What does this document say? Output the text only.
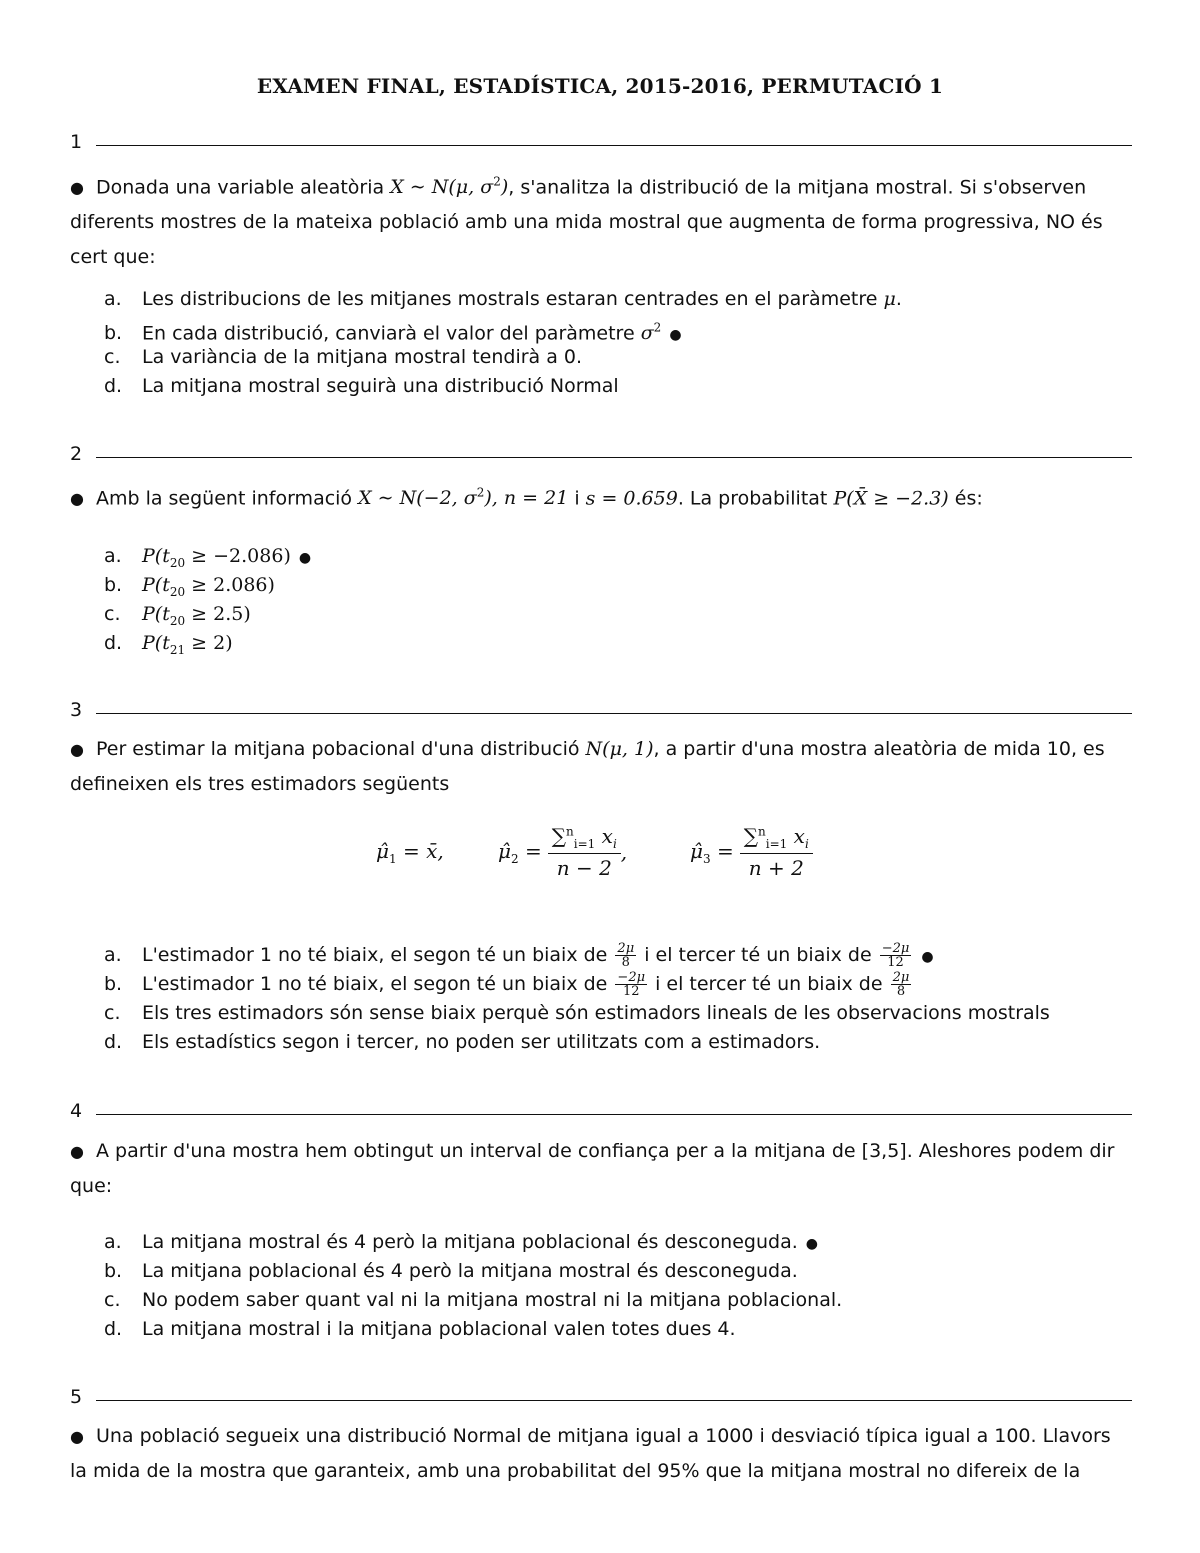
EXAMEN FINAL, ESTADÍSTICA, 2015-2016, PERMUTACIÓ 1
1
● Donada una variable aleatòria X ∼ N(μ, $\sigma^2$), s'analitza la distribució de la mitjana mostral. Si s'observen diferents mostres de la mateixa població amb una mida mostral que augmenta de forma progressiva, NO és cert que:
a. Les distribucions de les mitjanes mostrals estaran centrades en el paràmetre μ.
b. En cada distribució, canviarà el valor del paràmetre $\sigma^2$ ●
c. La variància de la mitjana mostral tendirà a 0.
d. La mitjana mostral seguirà una distribució Normal
2
● Amb la següent informació X ∼ N(−2, $\sigma^2$), n = 21 i s = 0.659. La probabilitat P(X̄ ≥ −2.3) és:
a. $P(t_{20} \ge -2.086)$ ●
b. $P(t_{20} \ge 2.086)$
c. $P(t_{20} \ge 2.5)$
d. $P(t_{21} \ge 2)$
3
● Per estimar la mitjana pobacional d'una distribució N(μ, 1), a partir d'una mostra aleatòria de mida 10, es defineixen els tres estimadors següents
$\mû_1$ = x̄,	$\mû_2 = \frac{\sum^n_{i=1} x_i}{n - 2}$ ,	$\mû_3 = \frac{\sum^n_{i=1} x_i}{n + 2}$
a. L'estimador 1 no té biaix, el segon té un biaix de $\frac{2\mu}{8}$ i el tercer té un biaix de $\frac{-2\mu}{12}$ ●
b. L'estimador 1 no té biaix, el segon té un biaix de $\frac{-2\mu}{12}$ i el tercer té un biaix de $\frac{2\mu}{8}$
c. Els tres estimadors són sense biaix perquè són estimadors lineals de les observacions mostrals
d. Els estadístics segon i tercer, no poden ser utilitzats com a estimadors.
4
● A partir d'una mostra hem obtingut un interval de confiança per a la mitjana de [3,5]. Aleshores podem dir que:
a. La mitjana mostral és 4 però la mitjana poblacional és desconeguda. ●
b. La mitjana poblacional és 4 però la mitjana mostral és desconeguda.
c. No podem saber quant val ni la mitjana mostral ni la mitjana poblacional.
d. La mitjana mostral i la mitjana poblacional valen totes dues 4.
5
● Una població segueix una distribució Normal de mitjana igual a 1000 i desviació típica igual a 100. Llavors la mida de la mostra que garanteix, amb una probabilitat del 95% que la mitjana mostral no difereix de la
